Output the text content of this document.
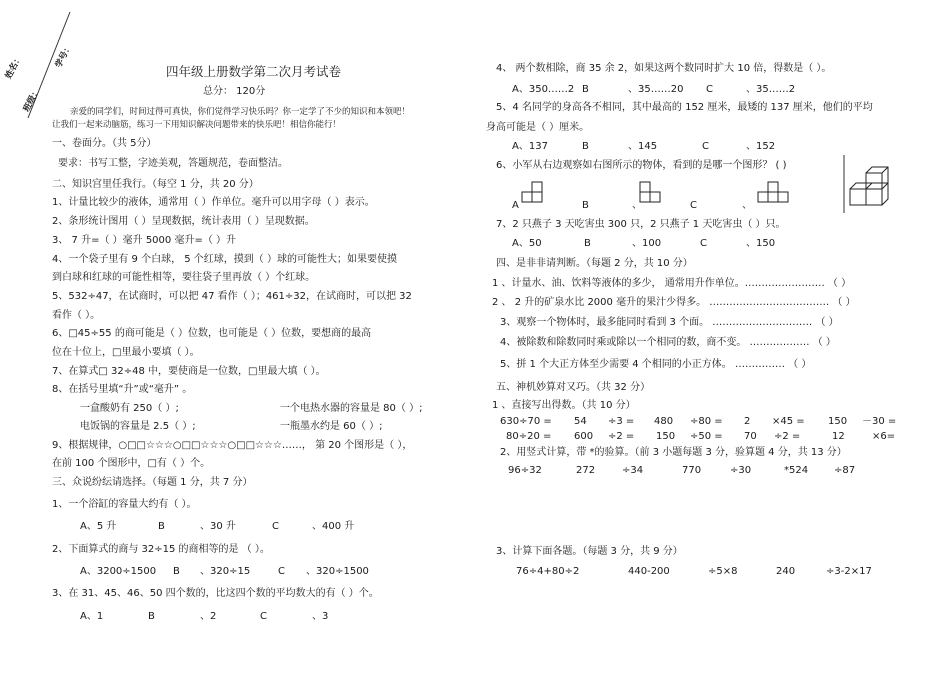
姓名：
班级：
学号：
四年级上册数学第二次月考试卷
总分： 120分
亲爱的同学们，时间过得可真快，你们觉得学习快乐吗？你一定学了不少的知识和本领吧！
让我们一起来动脑筋，练习一下用知识解决问题带来的快乐吧！相信你能行！
一、卷面分。（共 5分）
要求：书写工整，字迹美观，答题规范，卷面整洁。
二、知识宫里任我行。（每空 1 分，共 20 分）
1、计量比较少的液体，通常用（ ）作单位。毫升可以用字母（ ）表示。
2、条形统计图用（ ）呈现数据，统计表用（ ）呈现数据。
3、 7 升=（ ）毫升 5000 毫升=（ ）升
4、一个袋子里有 9 个白球， 5 个红球，摸到（ ）球的可能性大；如果要使摸
到白球和红球的可能性相等，要往袋子里再放（ ）个红球。
5、532÷47，在试商时，可以把 47 看作（ ）；461÷32，在试商时，可以把 32
看作（ ）。
6、□45÷55 的商可能是（ ）位数，也可能是（ ）位数，要想商的最高
位在十位上，□里最小要填（ ）。
7、在算式□ 32÷48 中，要使商是一位数，□里最大填（ ）。
8、在括号里填“升”或“毫升” 。
一盒酸奶有 250（ ）;	一个电热水器的容量是 80（ ）;
电饭锅的容量是 2.5（ ）;	一瓶墨水约是 60（ ）;
9、根据规律，○□□☆☆☆○□□☆☆☆○□□☆☆☆……， 第 20 个图形是（ ），
在前 100 个图形中，□有（ ）个。
三、众说纷纭请选择。（每题 1 分，共 7 分）
1、一个浴缸的容量大约有（ ）。
A、5 升	B	、30 升	C	、400 升
2、下面算式的商与 32÷15 的商相等的是 （ ）。
A、3200÷1500 B 、320÷15	C 、320÷1500
3、在 31、45、46、50 四个数的，比这四个数的平均数大的有（ ）个。
A、1	B	、2	C	、3
4、 两个数相除，商 35 余 2，如果这两个数同时扩大 10 倍，得数是（ ）。
A、350……2 B	、35……20 C	、35……2
5、4 名同学的身高各不相同，其中最高的 152 厘米，最矮的 137 厘米，他们的平均
身高可能是（ ）厘米。
A、137	B	、145	C	、152
6、小军从右边观察如右图所示的物体，看到的是哪一个图形？ ( )
A	B	、	C	、
7、2 只燕子 3 天吃害虫 300 只，2 只燕子 1 天吃害虫（ ）只。
A、50	B	、100	C	、150
四、是非非请判断。（每题 2 分，共 10 分）
1 、计量水、油、饮料等液体的多少， 通常用升作单位。…………………… （ ）
2 、 2 升的矿泉水比 2000 毫升的果汁少得多。 ……………………………… （ ）
3、观察一个物体时，最多能同时看到 3 个面。 ………………………… （ ）
4、被除数和除数同时乘或除以一个相同的数，商不变。 ……………… （ ）
5、拼 1 个大正方体至少需要 4 个相同的小正方体。 …………… （ ）
五、神机妙算对又巧。（共 32 分）
1 、直接写出得数。（共 10 分）
630÷70 = 54 ÷3 = 480 ÷80 = 2 ×45 = 150 －30 =
80÷20 = 600 ÷2 = 150 ÷50 = 70 ÷2 =	12	×6=
2、用竖式计算，带 *的验算。（前 3 小题每题 3 分，验算题 4 分，共 13 分）
96÷32	272	÷34	770	÷30	*524	÷87
3、计算下面各题。（每题 3 分，共 9 分）
76÷4+80÷2	440-200	÷5×8	240	÷3-2×17
